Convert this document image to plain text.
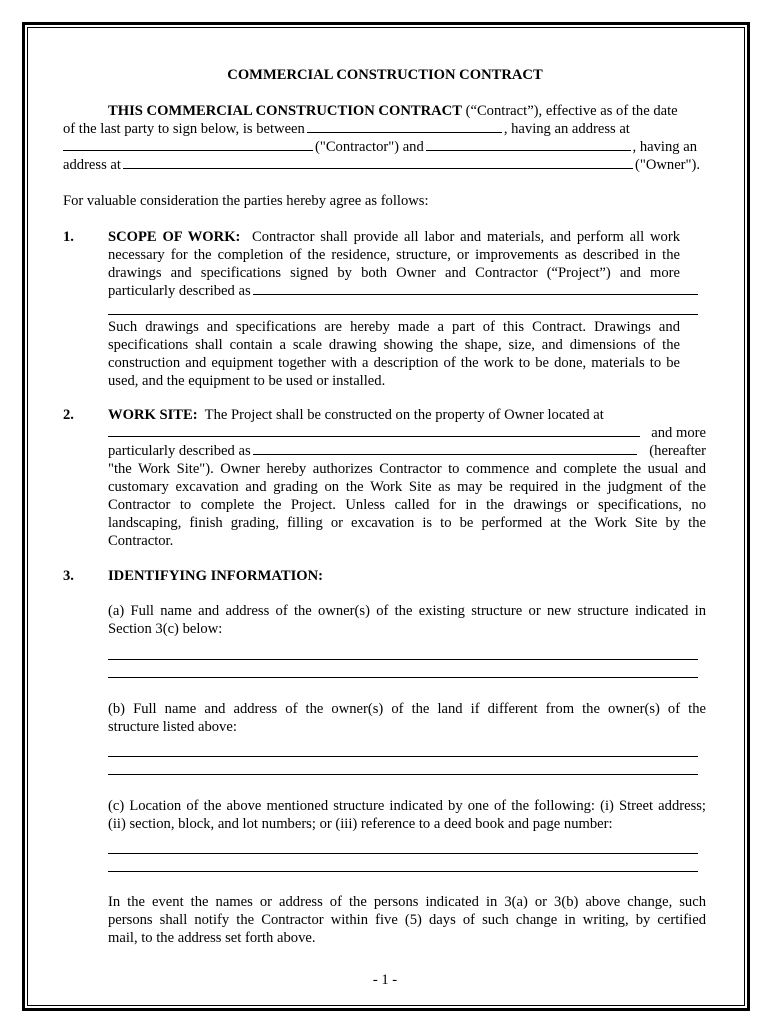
COMMERCIAL CONSTRUCTION CONTRACT
THIS COMMERCIAL CONSTRUCTION CONTRACT (“Contract”), effective as of the date
of the last party to sign below, is between	, having an address at
("Contractor") and	, having an
address at	("Owner").
For valuable consideration the parties hereby agree as follows:
1. SCOPE OF WORK: Contractor shall provide all labor and materials, and perform all work
necessary for the completion of the residence, structure, or improvements as described in the
drawings and specifications signed by both Owner and Contractor (“Project”) and more
particularly described as
Such drawings and specifications are hereby made a part of this Contract. Drawings and
specifications shall contain a scale drawing showing the shape, size, and dimensions of the
construction and equipment together with a description of the work to be done, materials to be
used, and the equipment to be used or installed.
2. WORK SITE: The Project shall be constructed on the property of Owner located at
and more
particularly described as	(hereafter
"the Work Site"). Owner hereby authorizes Contractor to commence and complete the usual and
customary excavation and grading on the Work Site as may be required in the judgment of the
Contractor to complete the Project. Unless called for in the drawings or specifications, no
landscaping, finish grading, filling or excavation is to be performed at the Work Site by the
Contractor.
3. IDENTIFYING INFORMATION:
(a) Full name and address of the owner(s) of the existing structure or new structure indicated in
Section 3(c) below:
(b) Full name and address of the owner(s) of the land if different from the owner(s) of the
structure listed above:
(c) Location of the above mentioned structure indicated by one of the following: (i) Street address;
(ii) section, block, and lot numbers; or (iii) reference to a deed book and page number:
In the event the names or address of the persons indicated in 3(a) or 3(b) above change, such
persons shall notify the Contractor within five (5) days of such change in writing, by certified
mail, to the address set forth above.
- 1 -
